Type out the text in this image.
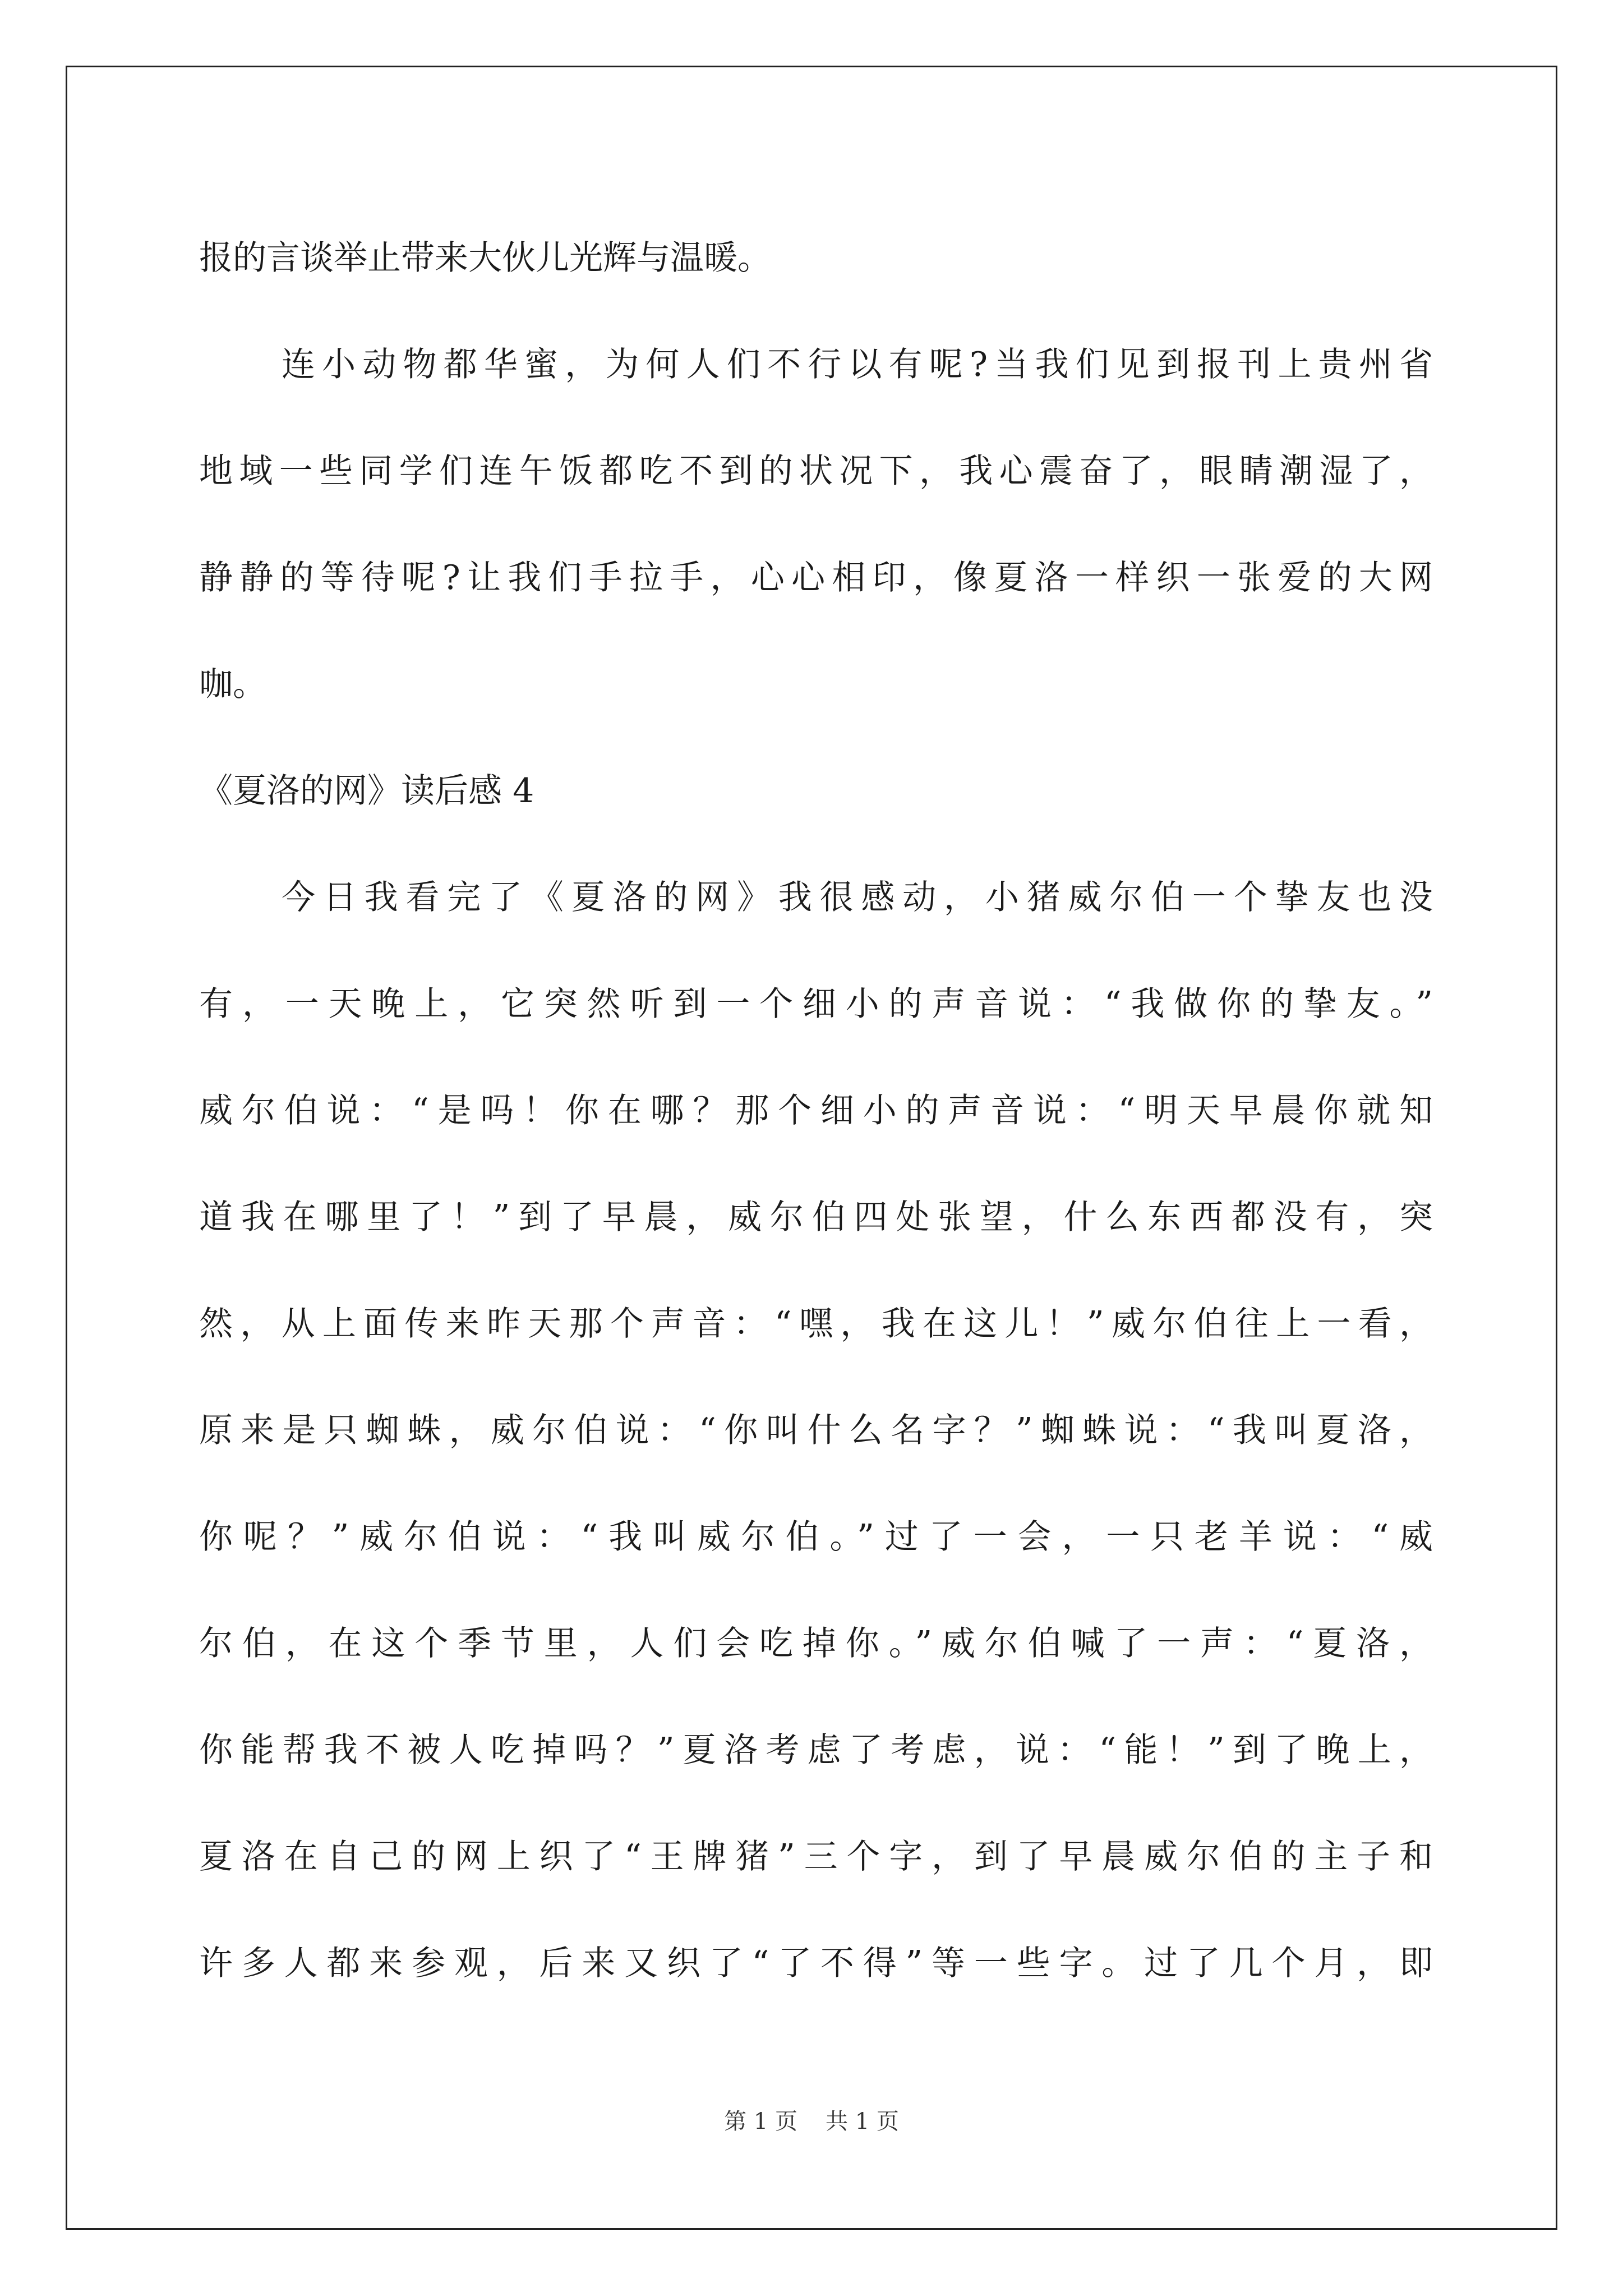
报的言谈举止带来大伙儿光辉与温暖。
连小动物都华蜜，为何人们不行以有呢?当我们见到报刊上贵州省
地域一些同学们连午饭都吃不到的状况下，我心震奋了，眼睛潮湿了，
静静的等待呢?让我们手拉手，心心相印，像夏洛一样织一张爱的大网
咖。
《夏洛的网》读后感 4
今日我看完了《夏洛的网》我很感动，小猪威尔伯一个挚友也没
有，一天晚上，它突然听到一个细小的声音说：“我做你的挚友。”
威尔伯说：“是吗！你在哪？那个细小的声音说：“明天早晨你就知
道我在哪里了！”到了早晨，威尔伯四处张望，什么东西都没有，突
然，从上面传来昨天那个声音：“嘿，我在这儿！”威尔伯往上一看，
原来是只蜘蛛，威尔伯说：“你叫什么名字？”蜘蛛说：“我叫夏洛，
你呢？”威尔伯说：“我叫威尔伯。”过了一会，一只老羊说：“威
尔伯，在这个季节里，人们会吃掉你。”威尔伯喊了一声：“夏洛，
你能帮我不被人吃掉吗？”夏洛考虑了考虑，说：“能！”到了晚上，
夏洛在自己的网上织了“王牌猪”三个字，到了早晨威尔伯的主子和
许多人都来参观，后来又织了“了不得”等一些字。过了几个月，即
第 1 页 共 1 页
